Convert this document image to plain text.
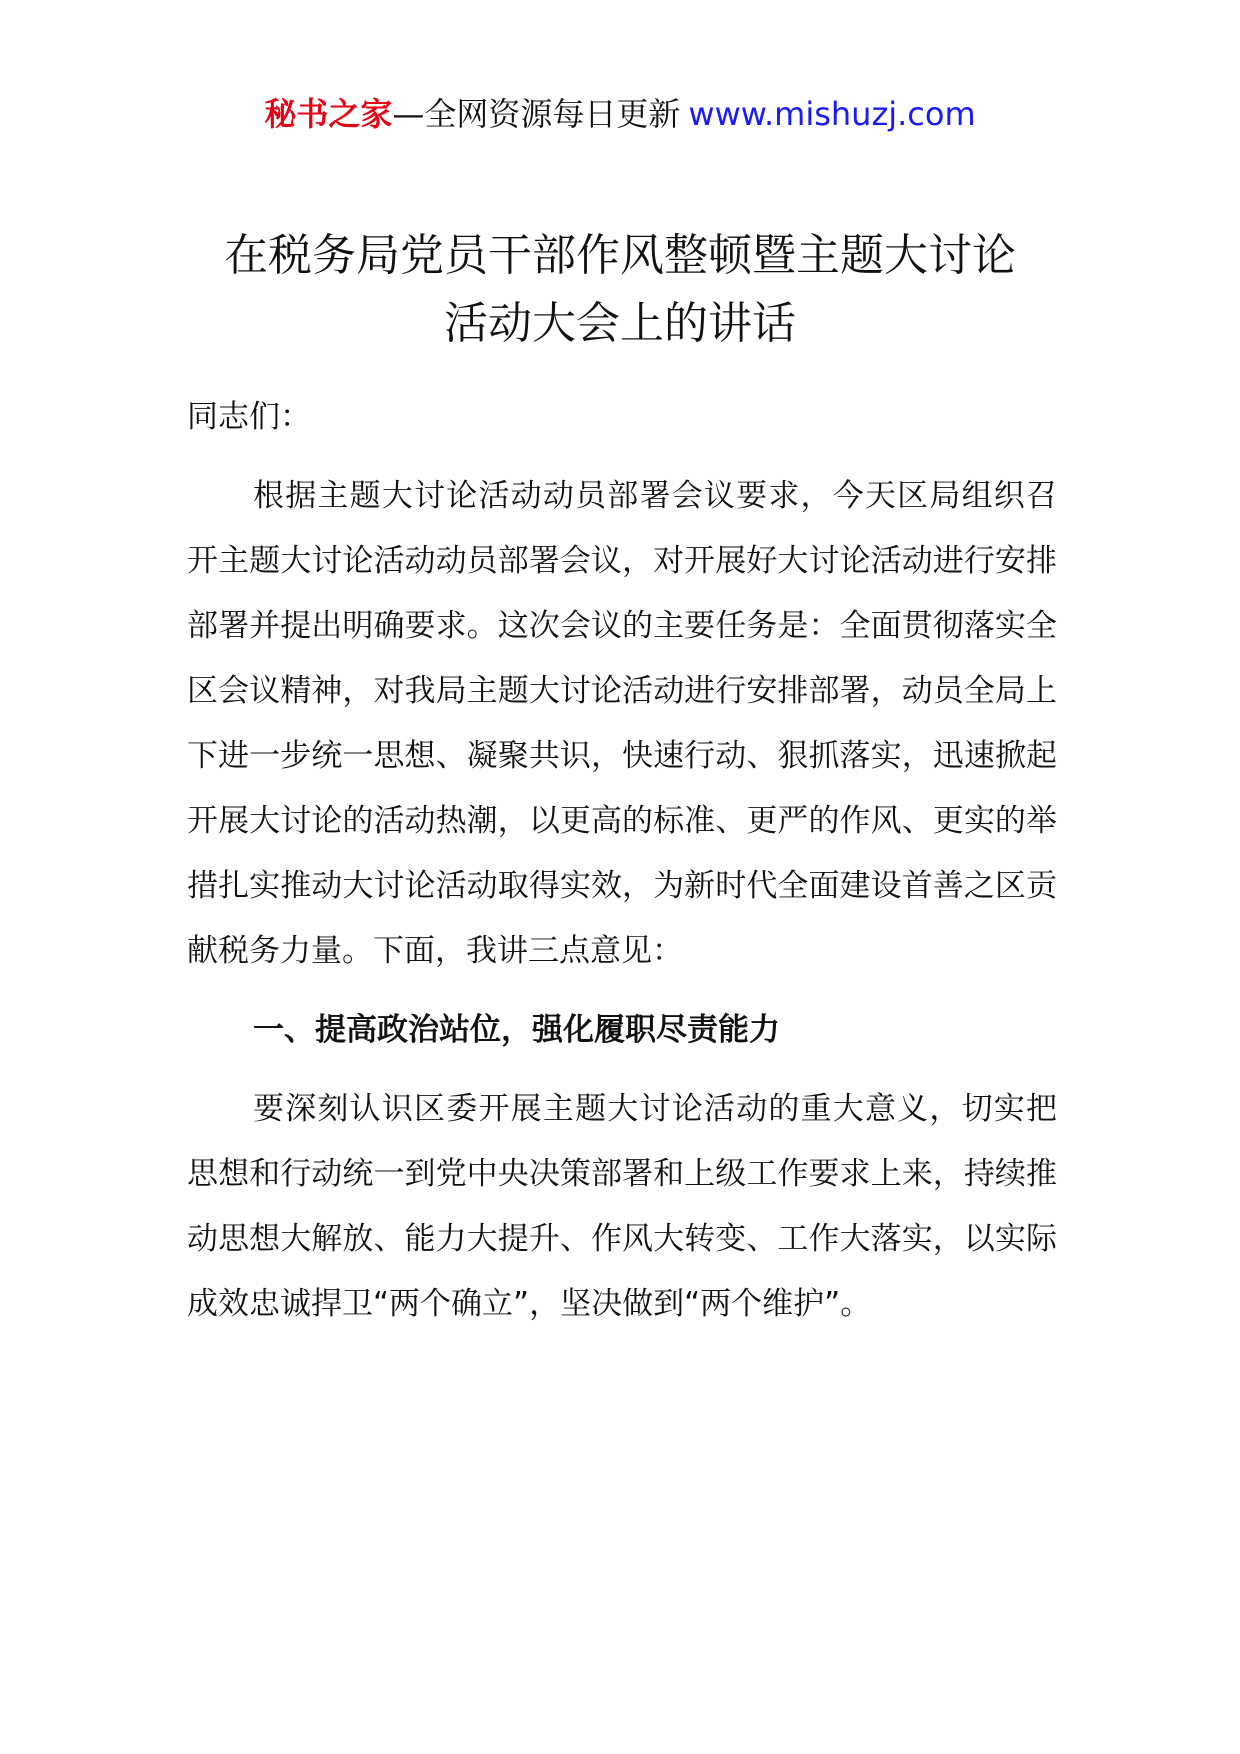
秘书之家—全网资源每日更新 www.mishuzj.com
在税务局党员干部作风整顿暨主题大讨论
活动大会上的讲话
同志们：
根据主题大讨论活动动员部署会议要求，今天区局组织召开主题大讨论活动动员部署会议，对开展好大讨论活动进行安排部署并提出明确要求。这次会议的主要任务是：全面贯彻落实全区会议精神，对我局主题大讨论活动进行安排部署，动员全局上下进一步统一思想、凝聚共识，快速行动、狠抓落实，迅速掀起开展大讨论的活动热潮，以更高的标准、更严的作风、更实的举措扎实推动大讨论活动取得实效，为新时代全面建设首善之区贡献税务力量。下面，我讲三点意见：
一、提高政治站位，强化履职尽责能力
要深刻认识区委开展主题大讨论活动的重大意义，切实把思想和行动统一到党中央决策部署和上级工作要求上来，持续推动思想大解放、能力大提升、作风大转变、工作大落实，以实际成效忠诚捍卫“两个确立”，坚决做到“两个维护”。
